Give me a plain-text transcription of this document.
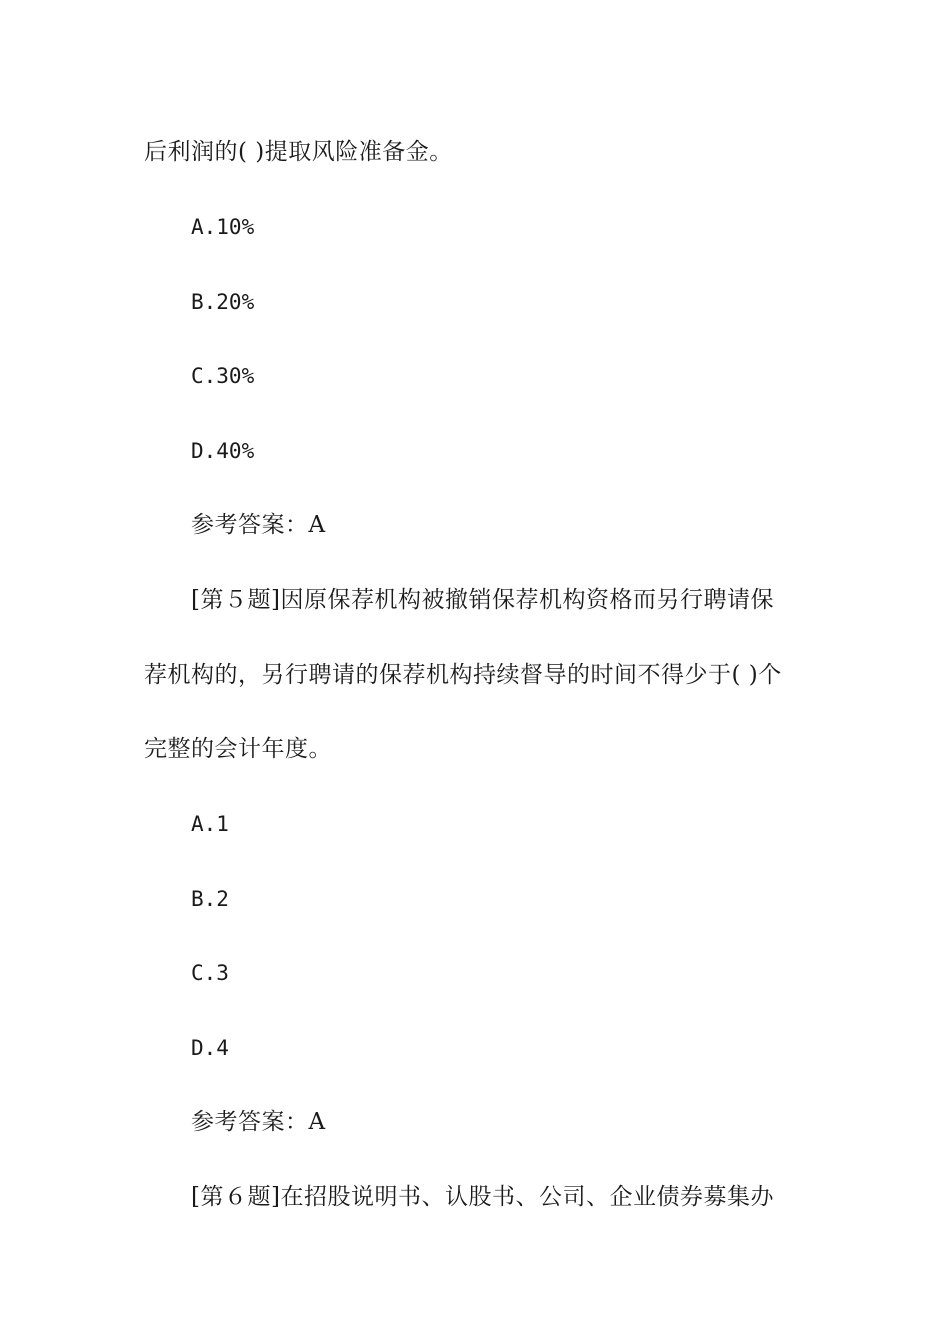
后利润的( )提取风险准备金。
A.10%
B.20%
C.30%
D.40%
参考答案：A
[第５题]因原保荐机构被撤销保荐机构资格而另行聘请保
荐机构的，另行聘请的保荐机构持续督导的时间不得少于( )个
完整的会计年度。
A.1
B.2
C.3
D.4
参考答案：A
[第６题]在招股说明书、认股书、公司、企业债券募集办
